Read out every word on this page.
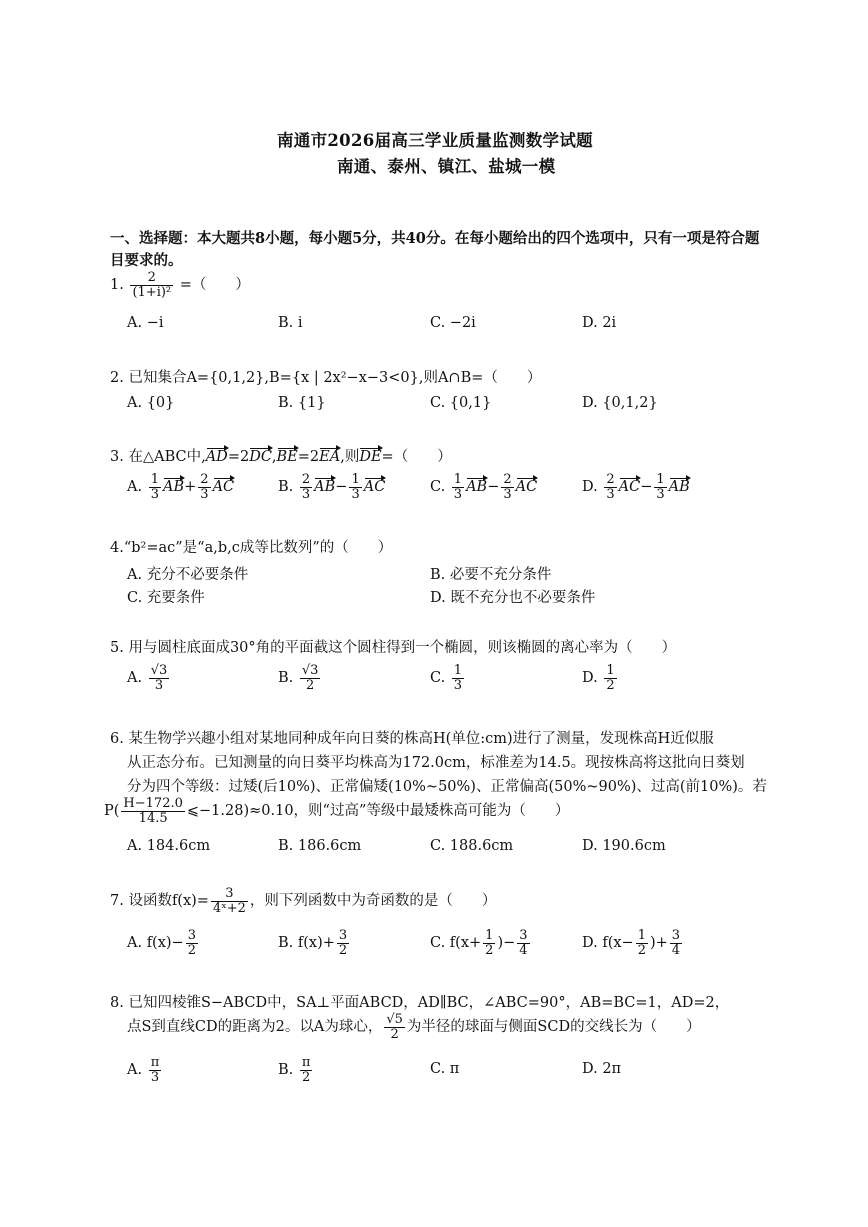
南通市2026届高三学业质量监测数学试题
南通、泰州、镇江、盐城一模
一、选择题：本大题共8小题，每小题5分，共40分。在每小题给出的四个选项中，只有一项是符合题
目要求的。
1. $\frac{2}{\text{(1+i)²}}$ =（　　）
A. −i	B. i	C. −2i	D. 2i
2. 已知集合A={0,1,2},B={x | 2x²−x−3<0},则A∩B=（　　）
A. {0}	B. {1}	C. {0,1}	D. {0,1,2}
3. 在△ABC中,AD=2DC,BE=2EA,则DE=（　　）
A. $\frac{1}{3} AB+ \frac{2}{3}$ AC	B. $\frac{2}{3} AB- \frac{1}{3}$ AC	C. $\frac{1}{3} AB- \frac{2}{3}$ AC	D. $\frac{2}{3} AC- \frac{1}{3}$ AB
4.“b²=ac”是“a,b,c成等比数列”的（　　）
A. 充分不必要条件	B. 必要不充分条件
C. 充要条件	D. 既不充分也不必要条件
5. 用与圆柱底面成30°角的平面截这个圆柱得到一个椭圆，则该椭圆的离心率为（　　）
A. $\frac{√3}{3}$	B. $\frac{√3}{2}$	C. $\frac{1}{3}$	D. $\frac{1}{2}$
6. 某生物学兴趣小组对某地同种成年向日葵的株高H(单位:cm)进行了测量，发现株高H近似服
从正态分布。已知测量的向日葵平均株高为172.0cm，标准差为14.5。现按株高将这批向日葵划
分为四个等级：过矮(后10%)、正常偏矮(10%~50%)、正常偏高(50%~90%)、过高(前10%)。若
$P( \frac{H-172.0}{14.5}$ ⩽−1.28)≈0.10，则“过高”等级中最矮株高可能为（　　）
A. 184.6cm	B. 186.6cm	C. 188.6cm	D. 190.6cm
7. 设函数$f(x)= \frac{3}{\text{4ˣ+2}}$ ，则下列函数中为奇函数的是（　　）
A. $f(x)- \frac{3}{2}$	B. $f(x)+ \frac{3}{2}$	C. $f(x+ \frac{1}{2}$ )− $\frac{3}{4}$	D. $f(x- \frac{1}{2}$ )+ $\frac{3}{4}$
8. 已知四棱锥S−ABCD中，SA⊥平面ABCD，AD∥BC，∠ABC=90°，AB=BC=1，AD=2，
点S到直线CD的距离为2。以A为球心， $\frac{√5}{2}$ 为半径的球面与侧面SCD的交线长为（　　）
A. $\frac{\pi}{3}$	B. $\frac{\pi}{2}$	C. π	D. 2π
